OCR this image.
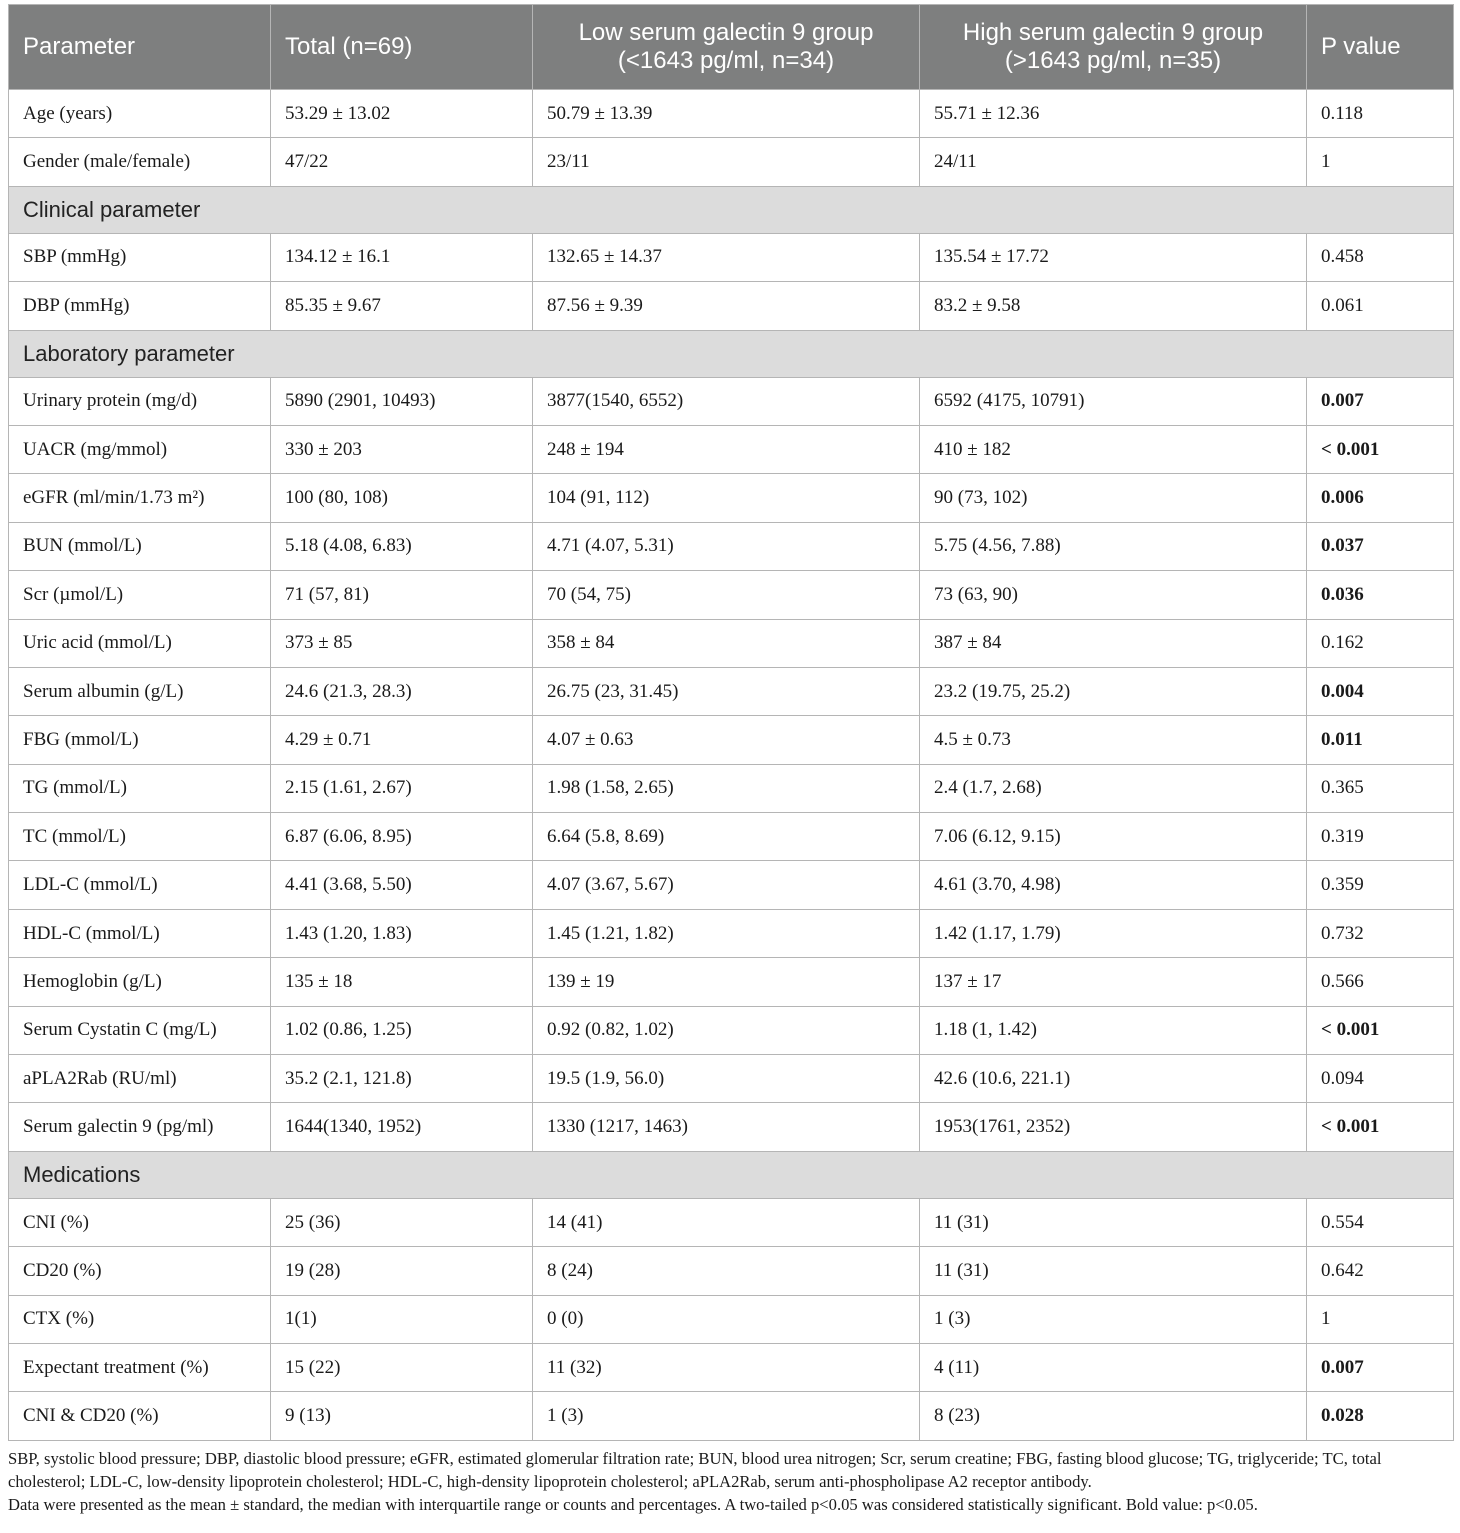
Parameter	Total (n=69)	Low serum galectin 9 group (<1643 pg/ml, n=34)	High serum galectin 9 group (>1643 pg/ml, n=35)	P value
Age (years)	53.29 ± 13.02	50.79 ± 13.39	55.71 ± 12.36	0.118
Gender (male/female)	47/22	23/11	24/11	1
Clinical parameter				
SBP (mmHg)	134.12 ± 16.1	132.65 ± 14.37	135.54 ± 17.72	0.458
DBP (mmHg)	85.35 ± 9.67	87.56 ± 9.39	83.2 ± 9.58	0.061
Laboratory parameter				
Urinary protein (mg/d)	5890 (2901, 10493)	3877(1540, 6552)	6592 (4175, 10791)	0.007
UACR (mg/mmol)	330 ± 203	248 ± 194	410 ± 182	< 0.001
eGFR (ml/min/1.73 m²)	100 (80, 108)	104 (91, 112)	90 (73, 102)	0.006
BUN (mmol/L)	5.18 (4.08, 6.83)	4.71 (4.07, 5.31)	5.75 (4.56, 7.88)	0.037
Scr (µmol/L)	71 (57, 81)	70 (54, 75)	73 (63, 90)	0.036
Uric acid (mmol/L)	373 ± 85	358 ± 84	387 ± 84	0.162
Serum albumin (g/L)	24.6 (21.3, 28.3)	26.75 (23, 31.45)	23.2 (19.75, 25.2)	0.004
FBG (mmol/L)	4.29 ± 0.71	4.07 ± 0.63	4.5 ± 0.73	0.011
TG (mmol/L)	2.15 (1.61, 2.67)	1.98 (1.58, 2.65)	2.4 (1.7, 2.68)	0.365
TC (mmol/L)	6.87 (6.06, 8.95)	6.64 (5.8, 8.69)	7.06 (6.12, 9.15)	0.319
LDL-C (mmol/L)	4.41 (3.68, 5.50)	4.07 (3.67, 5.67)	4.61 (3.70, 4.98)	0.359
HDL-C (mmol/L)	1.43 (1.20, 1.83)	1.45 (1.21, 1.82)	1.42 (1.17, 1.79)	0.732
Hemoglobin (g/L)	135 ± 18	139 ± 19	137 ± 17	0.566
Serum Cystatin C (mg/L)	1.02 (0.86, 1.25)	0.92 (0.82, 1.02)	1.18 (1, 1.42)	< 0.001
aPLA2Rab (RU/ml)	35.2 (2.1, 121.8)	19.5 (1.9, 56.0)	42.6 (10.6, 221.1)	0.094
Serum galectin 9 (pg/ml)	1644(1340, 1952)	1330 (1217, 1463)	1953(1761, 2352)	< 0.001
Medications				
CNI (%)	25 (36)	14 (41)	11 (31)	0.554
CD20 (%)	19 (28)	8 (24)	11 (31)	0.642
CTX (%)	1(1)	0 (0)	1 (3)	1
Expectant treatment (%)	15 (22)	11 (32)	4 (11)	0.007
CNI & CD20 (%)	9 (13)	1 (3)	8 (23)	0.028

SBP, systolic blood pressure; DBP, diastolic blood pressure; eGFR, estimated glomerular filtration rate; BUN, blood urea nitrogen; Scr, serum creatine; FBG, fasting blood glucose; TG, triglyceride; TC, total cholesterol; LDL-C, low-density lipoprotein cholesterol; HDL-C, high-density lipoprotein cholesterol; aPLA2Rab, serum anti-phospholipase A2 receptor antibody.

Data were presented as the mean ± standard, the median with interquartile range or counts and percentages. A two-tailed p<0.05 was considered statistically significant. Bold value: p<0.05.
